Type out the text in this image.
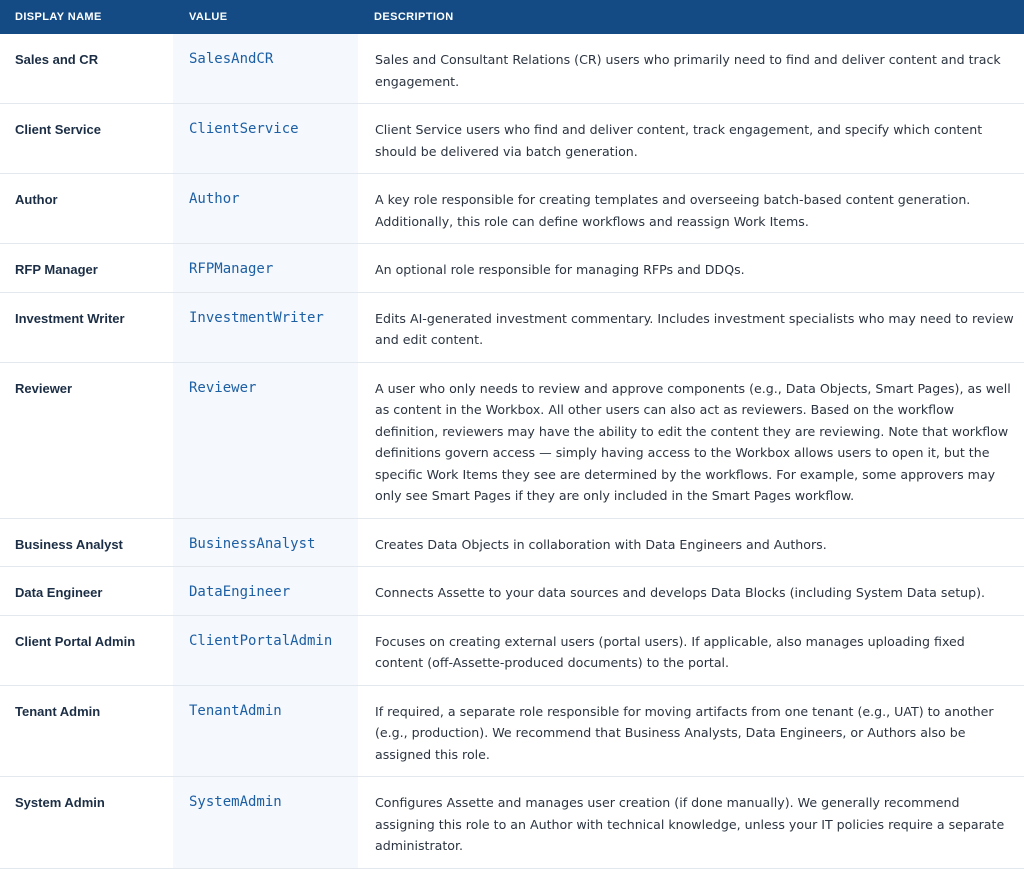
DISPLAY NAME	VALUE	DESCRIPTION
Sales and CR	SalesAndCR	Sales and Consultant Relations (CR) users who primarily need to find and deliver content and track engagement.
Client Service	ClientService	Client Service users who find and deliver content, track engagement, and specify which content should be delivered via batch generation.
Author	Author	A key role responsible for creating templates and overseeing batch-based content generation. Additionally, this role can define workflows and reassign Work Items.
RFP Manager	RFPManager	An optional role responsible for managing RFPs and DDQs.
Investment Writer	InvestmentWriter	Edits AI-generated investment commentary. Includes investment specialists who may need to review and edit content.
Reviewer	Reviewer	A user who only needs to review and approve components (e.g., Data Objects, Smart Pages), as well as content in the Workbox. All other users can also act as reviewers. Based on the workflow definition, reviewers may have the ability to edit the content they are reviewing. Note that workflow definitions govern access — simply having access to the Workbox allows users to open it, but the specific Work Items they see are determined by the workflows. For example, some approvers may only see Smart Pages if they are only included in the Smart Pages workflow.
Business Analyst	BusinessAnalyst	Creates Data Objects in collaboration with Data Engineers and Authors.
Data Engineer	DataEngineer	Connects Assette to your data sources and develops Data Blocks (including System Data setup).
Client Portal Admin	ClientPortalAdmin	Focuses on creating external users (portal users). If applicable, also manages uploading fixed content (off-Assette-produced documents) to the portal.
Tenant Admin	TenantAdmin	If required, a separate role responsible for moving artifacts from one tenant (e.g., UAT) to another (e.g., production). We recommend that Business Analysts, Data Engineers, or Authors also be assigned this role.
System Admin	SystemAdmin	Configures Assette and manages user creation (if done manually). We generally recommend assigning this role to an Author with technical knowledge, unless your IT policies require a separate administrator.
